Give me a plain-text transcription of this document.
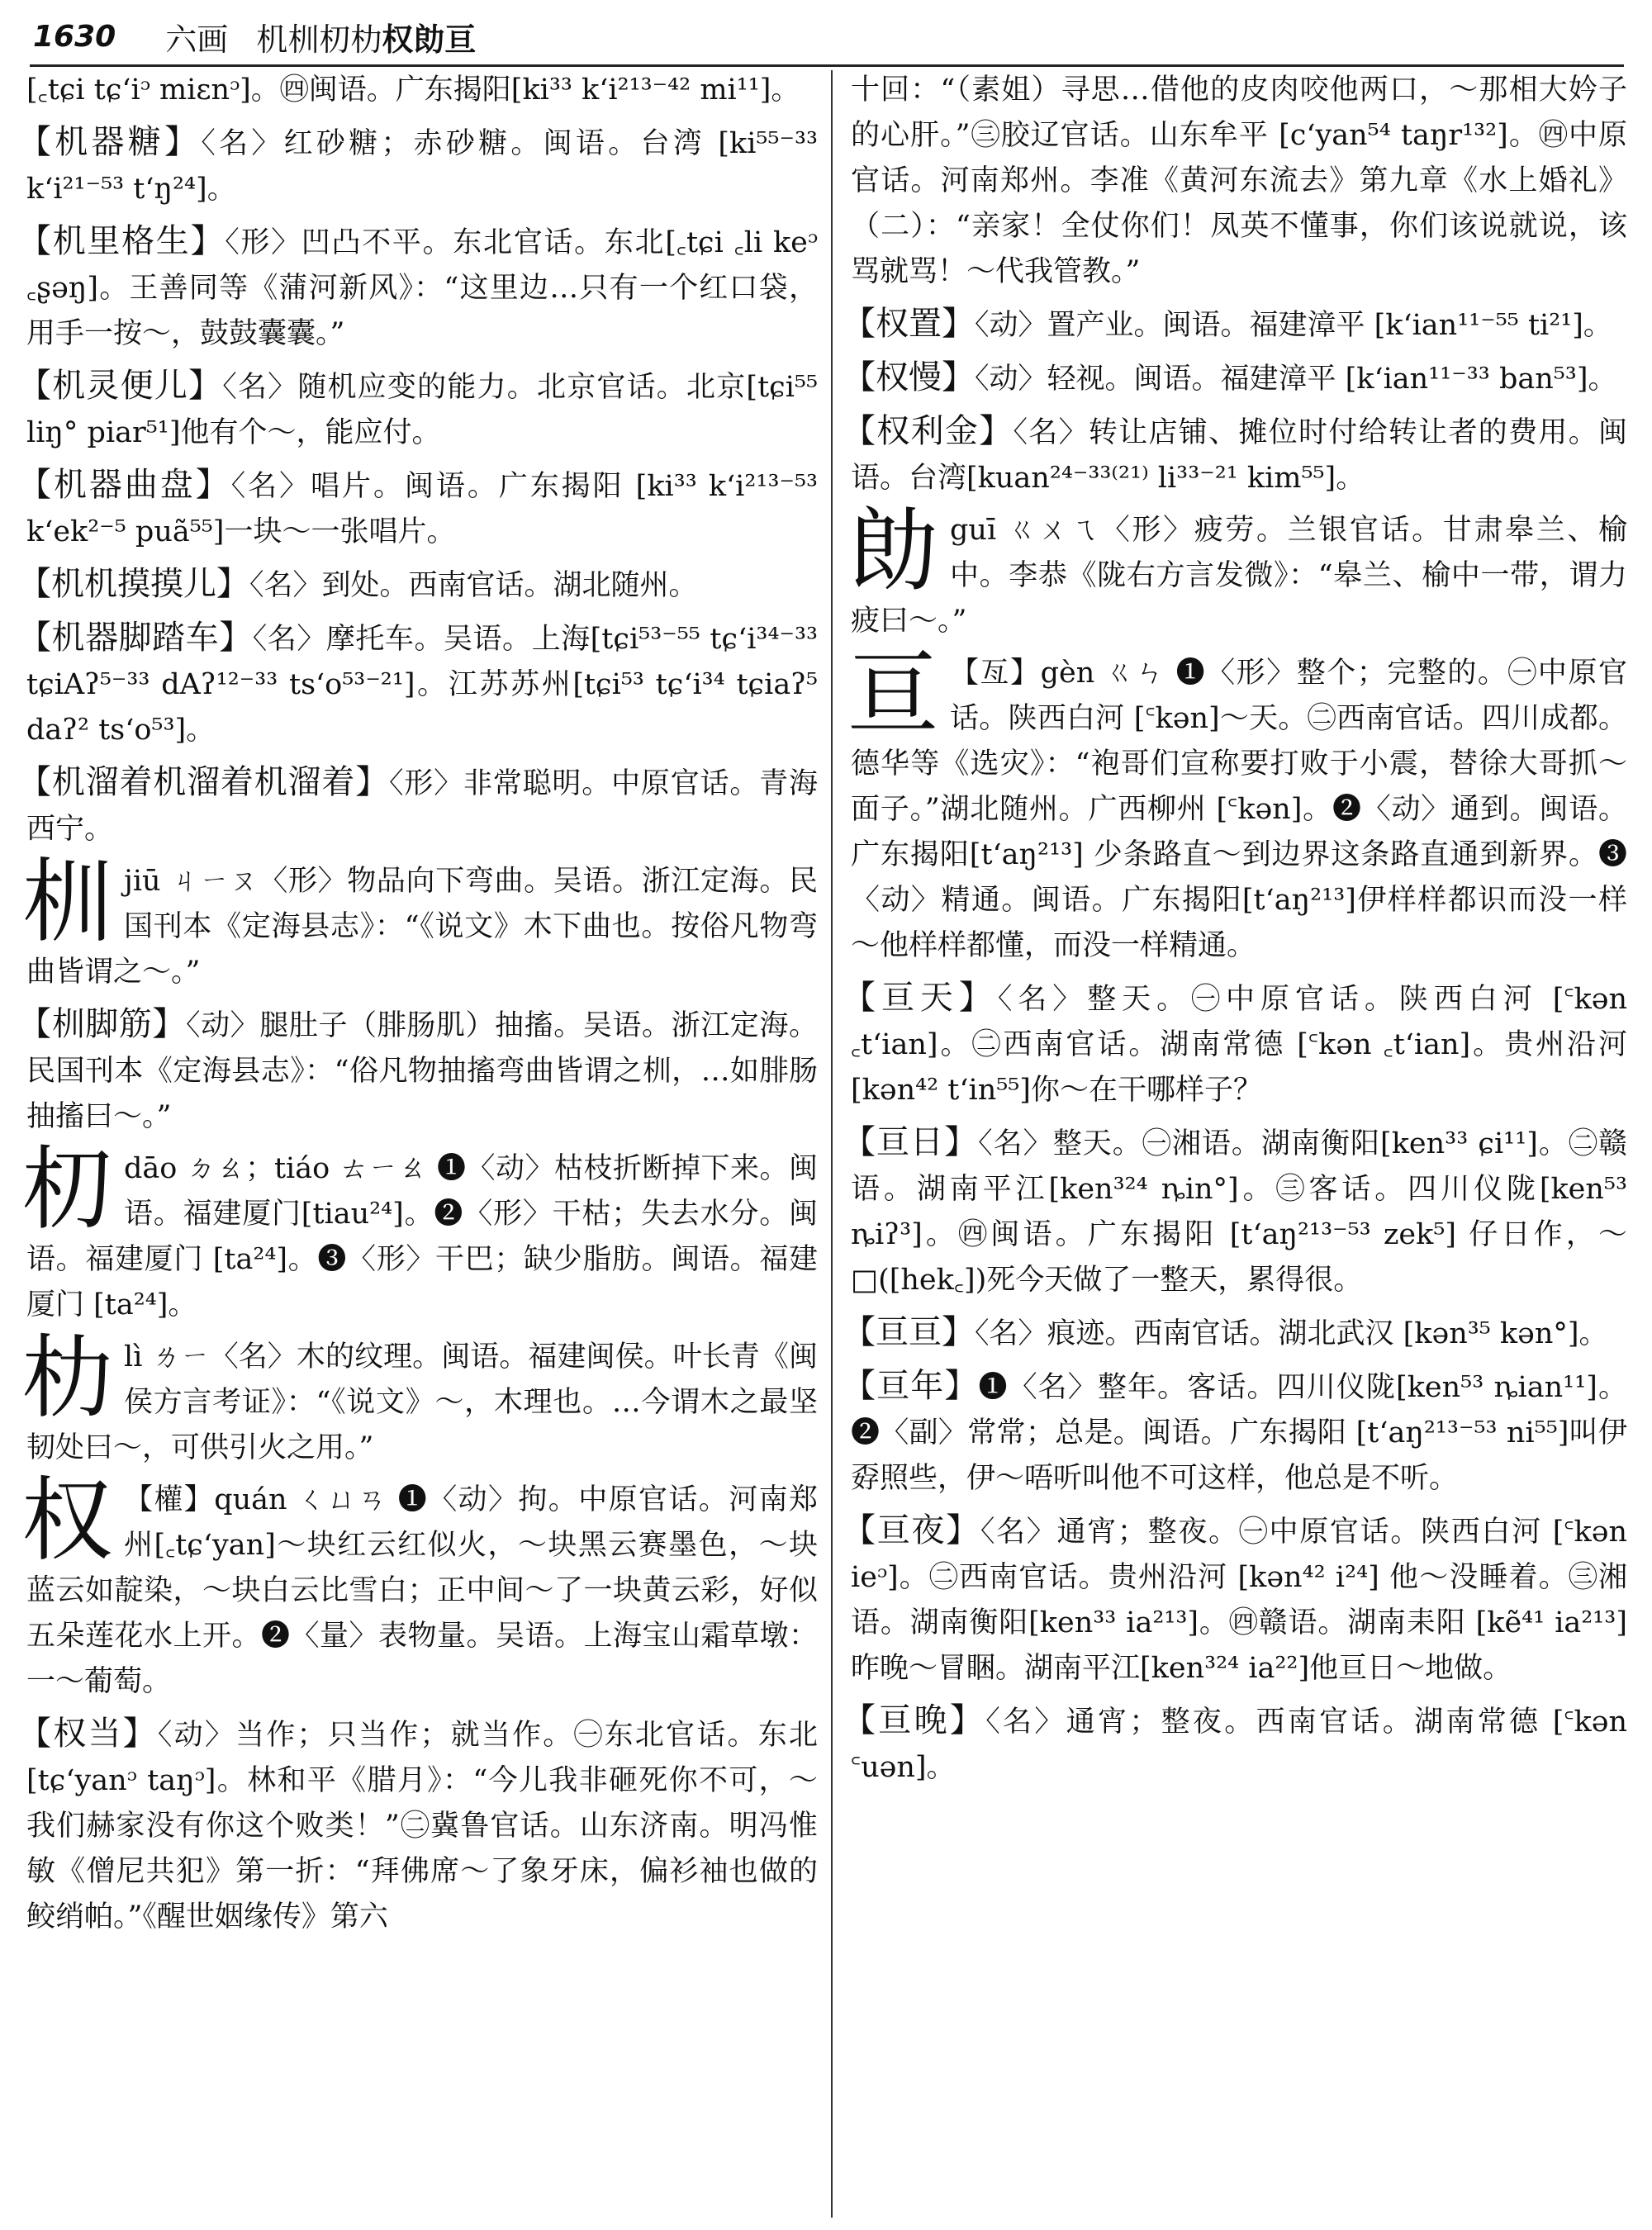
1630 六画 机杊朷朸权勆亘
[꜀tɕi tɕʻiᵓ miɛnᵓ]。㊃闽语。广东揭阳[ki³³ kʻi²¹³⁻⁴² mi¹¹]。
【机器糖】〈名〉红砂糖；赤砂糖。闽语。台湾 [ki⁵⁵⁻³³ kʻi²¹⁻⁵³ tʻŋ²⁴]。
【机里格生】〈形〉凹凸不平。东北官话。东北[꜀tɕi ꜀li keᵓ ꜀ʂəŋ]。王善同等《蒲河新风》：“这里边…只有一个红口袋，用手一按～，鼓鼓囊囊。”
【机灵便儿】〈名〉随机应变的能力。北京官话。北京[tɕi⁵⁵ liŋ° piar⁵¹]他有个～，能应付。
【机器曲盘】〈名〉唱片。闽语。广东揭阳 [ki³³ kʻi²¹³⁻⁵³ kʻek²⁻⁵ puã⁵⁵]一块～一张唱片。
【机机摸摸儿】〈名〉到处。西南官话。湖北随州。
【机器脚踏车】〈名〉摩托车。吴语。上海[tɕi⁵³⁻⁵⁵ tɕʻi³⁴⁻³³ tɕiAʔ⁵⁻³³ dAʔ¹²⁻³³ tsʻo⁵³⁻²¹]。江苏苏州[tɕi⁵³ tɕʻi³⁴ tɕiaʔ⁵ daʔ² tsʻo⁵³]。
【机溜着机溜着机溜着】〈形〉非常聪明。中原官话。青海西宁。
杊jiū ㄐㄧㄡ〈形〉物品向下弯曲。吴语。浙江定海。民国刊本《定海县志》：“《说文》木下曲也。按俗凡物弯曲皆谓之～。”
【杊脚筋】〈动〉腿肚子（腓肠肌）抽搐。吴语。浙江定海。民国刊本《定海县志》：“俗凡物抽搐弯曲皆谓之杊，…如腓肠抽搐曰～。”
朷dāo ㄉㄠ；tiáo ㄊㄧㄠ ❶〈动〉枯枝折断掉下来。闽语。福建厦门[tiau²⁴]。❷〈形〉干枯；失去水分。闽语。福建厦门 [ta²⁴]。❸〈形〉干巴；缺少脂肪。闽语。福建厦门 [ta²⁴]。
朸lì ㄌㄧ〈名〉木的纹理。闽语。福建闽侯。叶长青《闽侯方言考证》：“《说文》～，木理也。…今谓木之最坚韧处曰～，可供引火之用。”
权 【權】quán ㄑㄩㄢ ❶〈动〉拘。中原官话。河南郑州[꜀tɕʻyan]～块红云红似火，～块黑云赛墨色，～块蓝云如靛染，～块白云比雪白；正中间～了一块黄云彩，好似五朵莲花水上开。❷〈量〉表物量。吴语。上海宝山霜草墩：一～葡萄。
【权当】〈动〉当作；只当作；就当作。㊀东北官话。东北[tɕʻyanᵓ taŋᵓ]。林和平《腊月》：“今儿我非砸死你不可，～我们赫家没有你这个败类！”㊁冀鲁官话。山东济南。明冯惟敏《僧尼共犯》第一折：“拜佛席～了象牙床，偏衫袖也做的鲛绡帕。”《醒世姻缘传》第六
十回：“（素姐）寻思…借他的皮肉咬他两口，～那相大妗子的心肝。”㊂胶辽官话。山东牟平 [cʻyan⁵⁴ taŋr¹³²]。㊃中原官话。河南郑州。李准《黄河东流去》第九章《水上婚礼》（二）：“亲家！全仗你们！凤英不懂事，你们该说就说，该骂就骂！～代我管教。”
【权置】〈动〉置产业。闽语。福建漳平 [kʻian¹¹⁻⁵⁵ ti²¹]。
【权慢】〈动〉轻视。闽语。福建漳平 [kʻian¹¹⁻³³ ban⁵³]。
【权利金】〈名〉转让店铺、摊位时付给转让者的费用。闽语。台湾[kuan²⁴⁻³³⁽²¹⁾ li³³⁻²¹ kim⁵⁵]。
勆guī ㄍㄨㄟ〈形〉疲劳。兰银官话。甘肃皋兰、榆中。李恭《陇右方言发微》：“皋兰、榆中一带，谓力疲曰～。”
亘 【亙】gèn ㄍㄣ ❶〈形〉整个；完整的。㊀中原官话。陕西白河 [꜂kən]～天。㊁西南官话。四川成都。德华等《选灾》：“袍哥们宣称要打败于小震，替徐大哥抓～面子。”湖北随州。广西柳州 [꜂kən]。❷〈动〉通到。闽语。广东揭阳[tʻaŋ²¹³] 少条路直～到边界这条路直通到新界。❸〈动〉精通。闽语。广东揭阳[tʻaŋ²¹³]伊样样都识而没一样～他样样都懂，而没一样精通。
【亘天】〈名〉整天。㊀中原官话。陕西白河 [꜂kən ꜀tʻian]。㊁西南官话。湖南常德 [꜂kən ꜀tʻian]。贵州沿河[kən⁴² tʻin⁵⁵]你～在干哪样子？
【亘日】〈名〉整天。㊀湘语。湖南衡阳[ken³³ ɕi¹¹]。㊁赣语。湖南平江[ken³²⁴ ȵin°]。㊂客话。四川仪陇[ken⁵³ ȵiʔ³]。㊃闽语。广东揭阳 [tʻaŋ²¹³⁻⁵³ zek⁵] 仔日作，～□([hek꜀])死今天做了一整天，累得很。
【亘亘】〈名〉痕迹。西南官话。湖北武汉 [kən³⁵ kən°]。
【亘年】❶〈名〉整年。客话。四川仪陇[ken⁵³ ȵian¹¹]。❷〈副〉常常；总是。闽语。广东揭阳 [tʻaŋ²¹³⁻⁵³ ni⁵⁵]叫伊孬照些，伊～唔听叫他不可这样，他总是不听。
【亘夜】〈名〉通宵；整夜。㊀中原官话。陕西白河 [꜂kən ieᵓ]。㊁西南官话。贵州沿河 [kən⁴² i²⁴] 他～没睡着。㊂湘语。湖南衡阳[ken³³ ia²¹³]。㊃赣语。湖南耒阳 [kẽ⁴¹ ia²¹³] 昨晚～冒睏。湖南平江[ken³²⁴ ia²²]他亘日～地做。
【亘晚】〈名〉通宵；整夜。西南官话。湖南常德 [꜂kən ꜂uən]。
